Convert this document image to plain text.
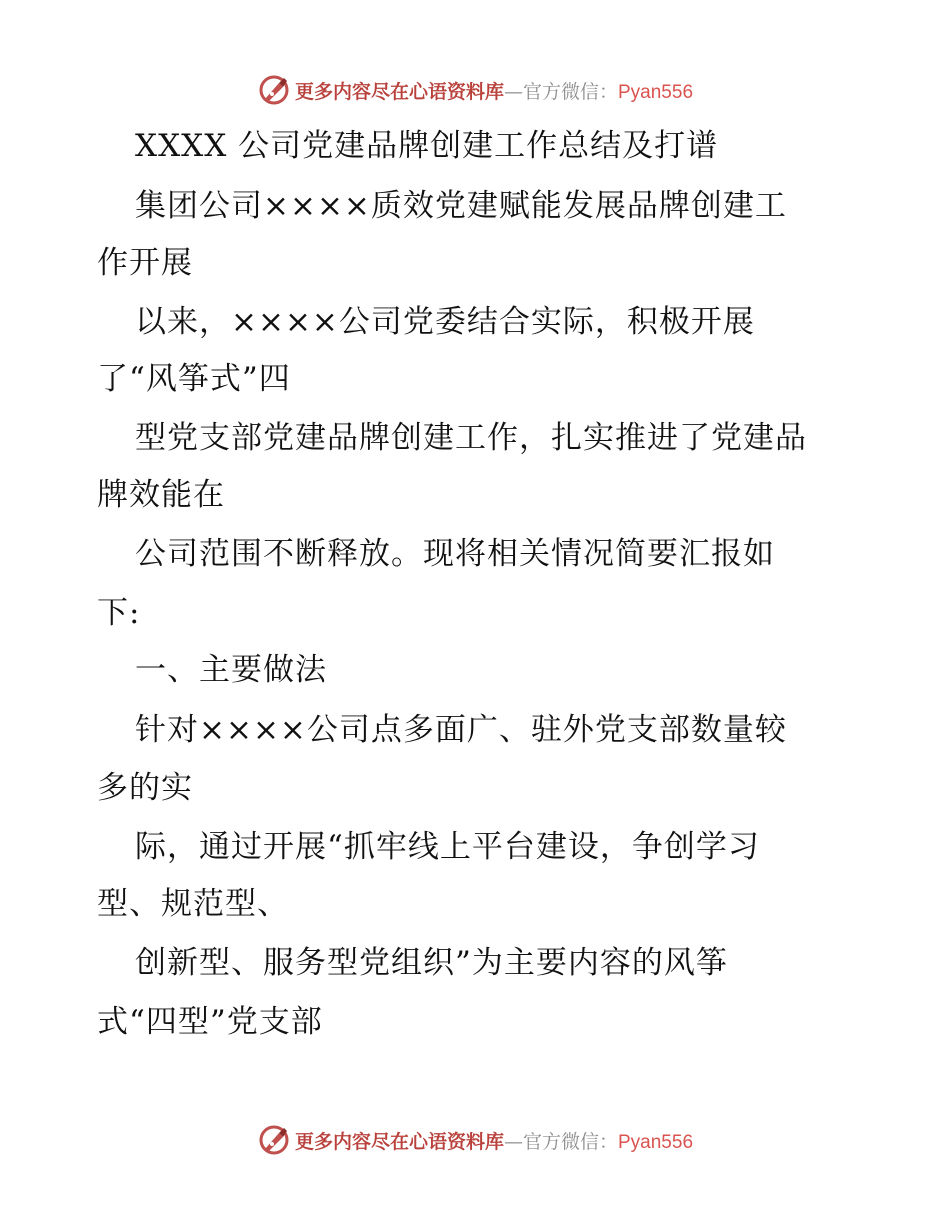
更多内容尽在心语资料库—官方微信：Pyan556
XXXX 公司党建品牌创建工作总结及打谱
集团公司××××质效党建赋能发展品牌创建工
作开展
以来，××××公司党委结合实际，积极开展
了“风筝式”四
型党支部党建品牌创建工作，扎实推进了党建品
牌效能在
公司范围不断释放。现将相关情况简要汇报如
下:
一、主要做法
针对××××公司点多面广、驻外党支部数量较
多的实
际，通过开展“抓牢线上平台建设，争创学习
型、规范型、
创新型、服务型党组织”为主要内容的风筝
式“四型”党支部
更多内容尽在心语资料库—官方微信：Pyan556
